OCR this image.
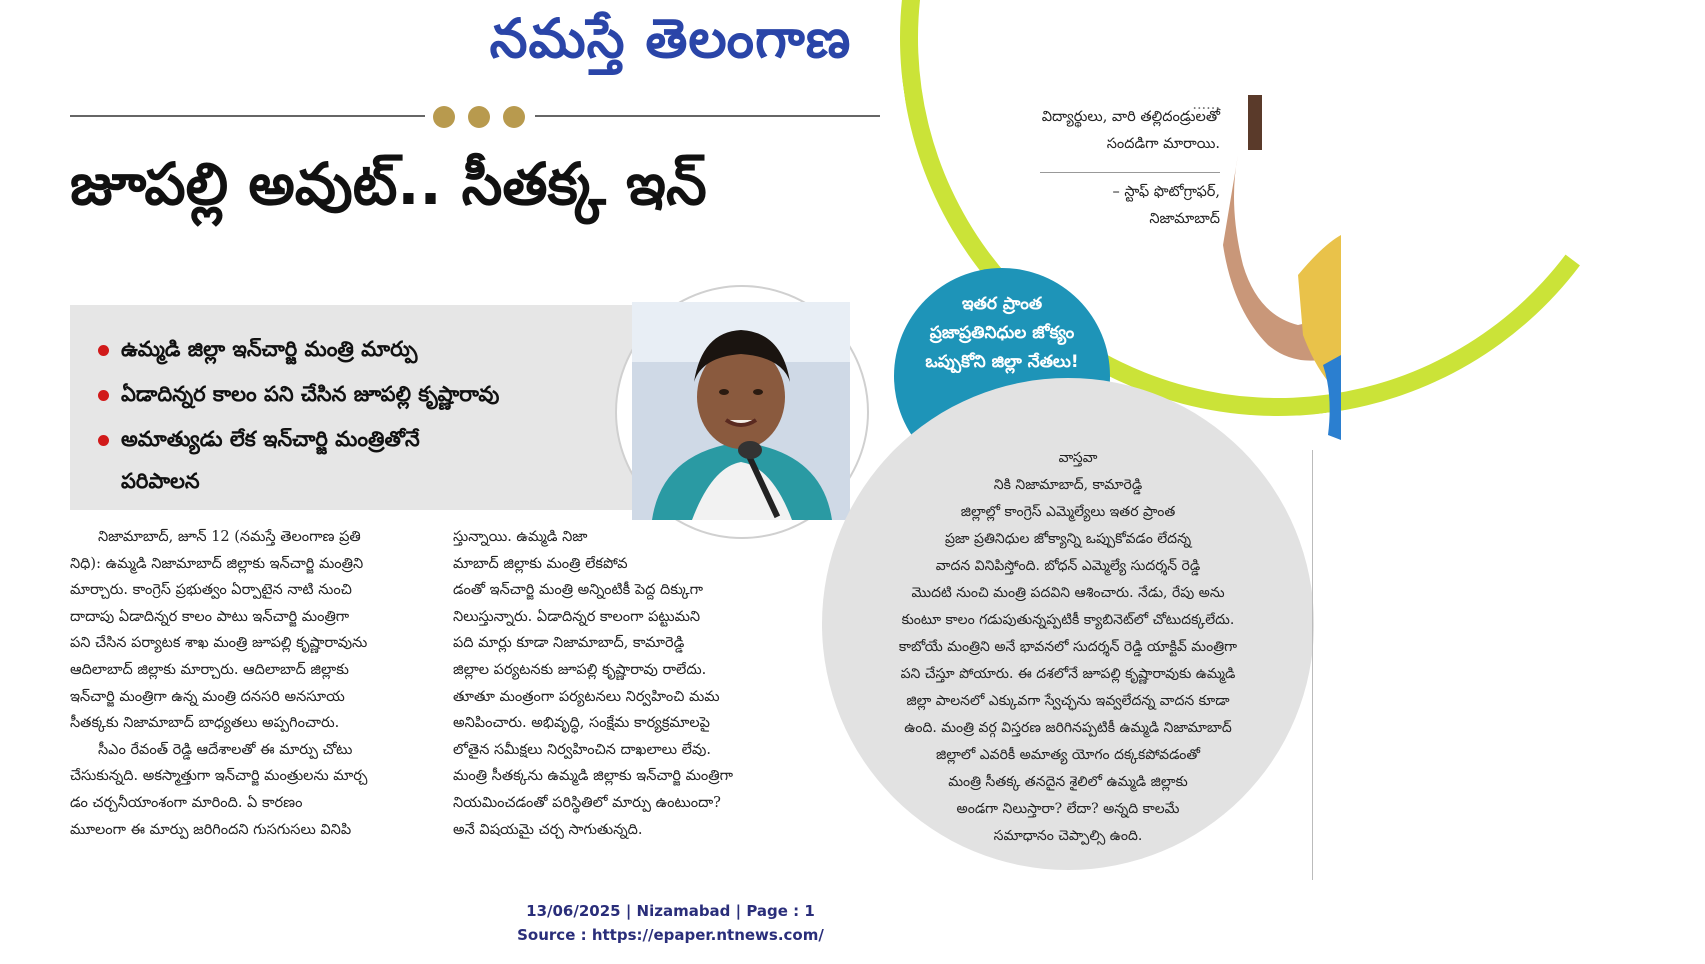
నమస్తే తెలంగాణ
......
విద్యార్థులు, వారి తల్లిదండ్రులతో
సందడిగా మారాయి.
– స్టాఫ్ ఫొటోగ్రాఫర్,
నిజామాబాద్
జూపల్లి అవుట్.. సీతక్క ఇన్
ఉమ్మడి జిల్లా ఇన్‌చార్జి మంత్రి మార్పు
ఏడాదిన్నర కాలం పని చేసిన జూపల్లి కృష్ణారావు
అమాత్యుడు లేక ఇన్‌చార్జి మంత్రితోనే
పరిపాలన
ఇతర ప్రాంత
ప్రజాప్రతినిధుల జోక్యం
ఒప్పుకోని జిల్లా నేతలు!
వాస్తవా
నికి నిజామాబాద్, కామారెడ్డి
జిల్లాల్లో కాంగ్రెస్ ఎమ్మెల్యేలు ఇతర ప్రాంత
ప్రజా ప్రతినిధుల జోక్యాన్ని ఒప్పుకోవడం లేదన్న
వాదన వినిపిస్తోంది. బోధన్ ఎమ్మెల్యే సుదర్శన్ రెడ్డి
మొదటి నుంచి మంత్రి పదవిని ఆశించారు. నేడు, రేపు అను
కుంటూ కాలం గడుపుతున్నప్పటికీ క్యాబినెట్‌లో చోటుదక్కలేదు.
కాబోయే మంత్రిని అనే భావనలో సుదర్శన్ రెడ్డి యాక్టివ్ మంత్రిగా
పని చేస్తూ పోయారు. ఈ దశలోనే జూపల్లి కృష్ణారావుకు ఉమ్మడి
జిల్లా పాలనలో ఎక్కువగా స్వేచ్ఛను ఇవ్వలేదన్న వాదన కూడా
ఉంది. మంత్రి వర్గ విస్తరణ జరిగినప్పటికీ ఉమ్మడి నిజామాబాద్
జిల్లాలో ఎవరికీ అమాత్య యోగం దక్కకపోవడంతో
మంత్రి సీతక్క తనదైన శైలిలో ఉమ్మడి జిల్లాకు
అండగా నిలుస్తారా? లేదా? అన్నది కాలమే
సమాధానం చెప్పాల్సి ఉంది.
నిజామాబాద్, జూన్ 12 (నమస్తే తెలంగాణ ప్రతి
నిధి): ఉమ్మడి నిజామాబాద్ జిల్లాకు ఇన్‌చార్జి మంత్రిని
మార్చారు. కాంగ్రెస్ ప్రభుత్వం ఏర్పాటైన నాటి నుంచి
దాదాపు ఏడాదిన్నర కాలం పాటు ఇన్‌చార్జి మంత్రిగా
పని చేసిన పర్యాటక శాఖ మంత్రి జూపల్లి కృష్ణారావును
ఆదిలాబాద్ జిల్లాకు మార్చారు. ఆదిలాబాద్ జిల్లాకు
ఇన్‌చార్జి మంత్రిగా ఉన్న మంత్రి దనసరి అనసూయ
సీతక్కకు నిజామాబాద్ బాధ్యతలు అప్పగించారు.
సీఎం రేవంత్ రెడ్డి ఆదేశాలతో ఈ మార్పు చోటు
చేసుకున్నది. అకస్మాత్తుగా ఇన్‌చార్జి మంత్రులను మార్చ
డం చర్చనీయాంశంగా మారింది. ఏ కారణం
మూలంగా ఈ మార్పు జరిగిందని గుసగుసలు వినిపి
స్తున్నాయి. ఉమ్మడి నిజా
మాబాద్ జిల్లాకు మంత్రి లేకపోవ
డంతో ఇన్‌చార్జి మంత్రి అన్నింటికీ పెద్ద దిక్కుగా
నిలుస్తున్నారు. ఏడాదిన్నర కాలంగా పట్టుమని
పది మార్లు కూడా నిజామాబాద్, కామారెడ్డి
జిల్లాల పర్యటనకు జూపల్లి కృష్ణారావు రాలేదు.
తూతూ మంత్రంగా పర్యటనలు నిర్వహించి మమ
అనిపించారు. అభివృద్ధి, సంక్షేమ కార్యక్రమాలపై
లోతైన సమీక్షలు నిర్వహించిన దాఖలాలు లేవు.
మంత్రి సీతక్కను ఉమ్మడి జిల్లాకు ఇన్‌చార్జి మంత్రిగా
నియమించడంతో పరిస్థితిలో మార్పు ఉంటుందా?
అనే విషయమై చర్చ సాగుతున్నది.
13/06/2025 | Nizamabad | Page : 1
Source : https://epaper.ntnews.com/
